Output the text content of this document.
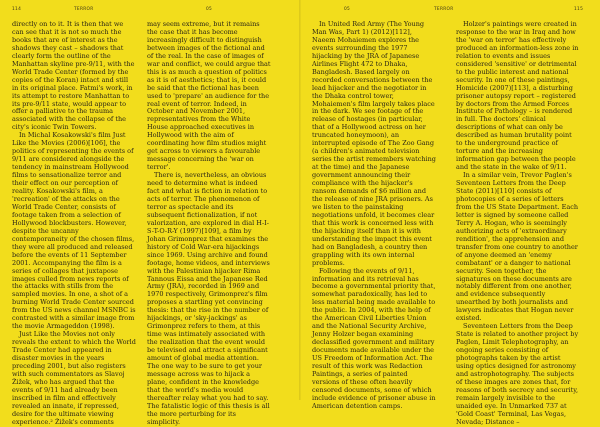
114	TERROR	05	05	TERROR	115

directly on to it. It is then that we can see that it is not so much the books that are of interest as the shadows they cast – shadows that clearly form the outline of the Manhattan skyline pre-9/11, with the World Trade Center (formed by the copies of the Koran) intact and still in its original place. Fatmi's work, in its attempt to restore Manhattan to its pre-9/11 state, would appear to offer a palliative to the trauma associated with the collapse of the city's iconic Twin Towers.

In Michal Kosakowski's film Just Like the Movies (2006)[106], the politics of representing the events of 9/11 are considered alongside the tendency in mainstream Hollywood films to sensationalize terror and their effect on our perception of reality. Kosakowski's film, a 'recreation' of the attacks on the World Trade Center, consists of footage taken from a selection of Hollywood blockbusters. However, despite the uncanny contemporaneity of the chosen films, they were all produced and released before the events of 11 September 2001. Accompanying the film is a series of collages that juxtapose images culled from news reports of the attacks with stills from the sampled movies. In one, a shot of a burning World Trade Center sourced from the US news channel MSNBC is contrasted with a similar image from the movie Armageddon (1998).

Just Like the Movies not only reveals the extent to which the World Trade Center had appeared in disaster movies in the years preceding 2001, but also registers with such commentators as Slavoj Žižek, who has argued that the events of 9/11 had already been inscribed in film and effectively revealed an innate, if repressed, desire for the ultimate viewing experience.² Žižek's comments

may seem extreme, but it remains the case that it has become increasingly difficult to distinguish between images of the fictional and of the real. In the case of images of war and conflict, we could argue that this is as much a question of politics as it is of aesthetics; that is, it could be said that the fictional has been used to 'prepare' an audience for the real event of terror. Indeed, in October and November 2001, representatives from the White House approached executives in Hollywood with the aim of coordinating how film studios might get across to viewers a favourable message concerning the 'war on terror'.

There is, nevertheless, an obvious need to determine what is indeed fact and what is fiction in relation to acts of terror. The phenomenon of terror as spectacle and its subsequent fictionalization, if not valorization, are explored in dial H-I-S-T-O-R-Y (1997)[109], a film by Johan Grimonprez that examines the history of Cold War-era hijackings since 1969. Using archive and found footage, home videos, and interviews with the Palestinian hijacker Rima Tannous Eissa and the Japanese Red Army (JRA), recorded in 1969 and 1970 respectively, Grimonprez's film proposes a startling yet convincing thesis: that the rise in the number of hijackings, or 'sky-jackings' as Grimonprez refers to them, at this time was intimately associated with the realization that the event would be televised and attract a significant amount of global media attention. The one way to be sure to get your message across was to hijack a plane, confident in the knowledge that the world's media would thereafter relay what you had to say. The fatalistic logic of this thesis is all the more perturbing for its simplicity.

In United Red Army (The Young Man Was, Part 1) (2012)[112], Naeem Mohaiemen explores the events surrounding the 1977 hijacking by the JRA of Japanese Airlines Flight 472 to Dhaka, Bangladesh. Based largely on recorded conversations between the lead hijacker and the negotiator in the Dhaka control tower, Mohaiemen's film largely takes place in the dark. We see footage of the release of hostages (in particular, that of a Hollywood actress on her truncated honeymoon), an interrupted episode of The Zoo Gang (a children's animated television series the artist remembers watching at the time) and the Japanese government announcing their compliance with the hijacker's ransom demands of $6 million and the release of nine JRA prisoners. As we listen to the painstaking negotiations unfold, it becomes clear that this work is concerned less with the hijacking itself than it is with understanding the impact this event had on Bangladesh, a country then grappling with its own internal problems.

Following the events of 9/11, information and its retrieval has become a governmental priority that, somewhat paradoxically, has led to less material being made available to the public. In 2004, with the help of the American Civil Liberties Union and the National Security Archive, Jenny Holzer began examining declassified government and military documents made available under the US Freedom of Information Act. The result of this work was Redaction Paintings, a series of painted versions of these often heavily censored documents, some of which include evidence of prisoner abuse in American detention camps.

Holzer's paintings were created in response to the war in Iraq and how the 'war on terror' has effectively produced an information-less zone in relation to events and issues considered 'sensitive' or detrimental to the public interest and national security. In one of these paintings, Homicide (2007)[113], a disturbing prisoner autopsy report – registered by doctors from the Armed Forces Institute of Pathology – is rendered in full. The doctors' clinical descriptions of what can only be described as human brutality point to the underground practice of torture and the increasing information gap between the people and the state in the wake of 9/11.

In a similar vein, Trevor Paglen's Seventeen Letters from the Deep State (2011)[110] consists of photocopies of a series of letters from the US State Department. Each letter is signed by someone called Terry A. Hogan, who is seemingly authorizing acts of 'extraordinary rendition', the apprehension and transfer from one country to another of anyone deemed an 'enemy combatant' or a danger to national security. Seen together, the signatures on these documents are notably different from one another, and evidence subsequently unearthed by both journalists and lawyers indicates that Hogan never existed.

Seventeen Letters from the Deep State is related to another project by Paglen, Limit Telephotography, an ongoing series consisting of photographs taken by the artist using optics designed for astronomy and astrophotography. The subjects of these images are zones that, for reasons of both secrecy and security, remain largely invisible to the unaided eye. In Unmarked 737 at 'Gold Coast' Terminal, Las Vegas, Nevada; Distance –
